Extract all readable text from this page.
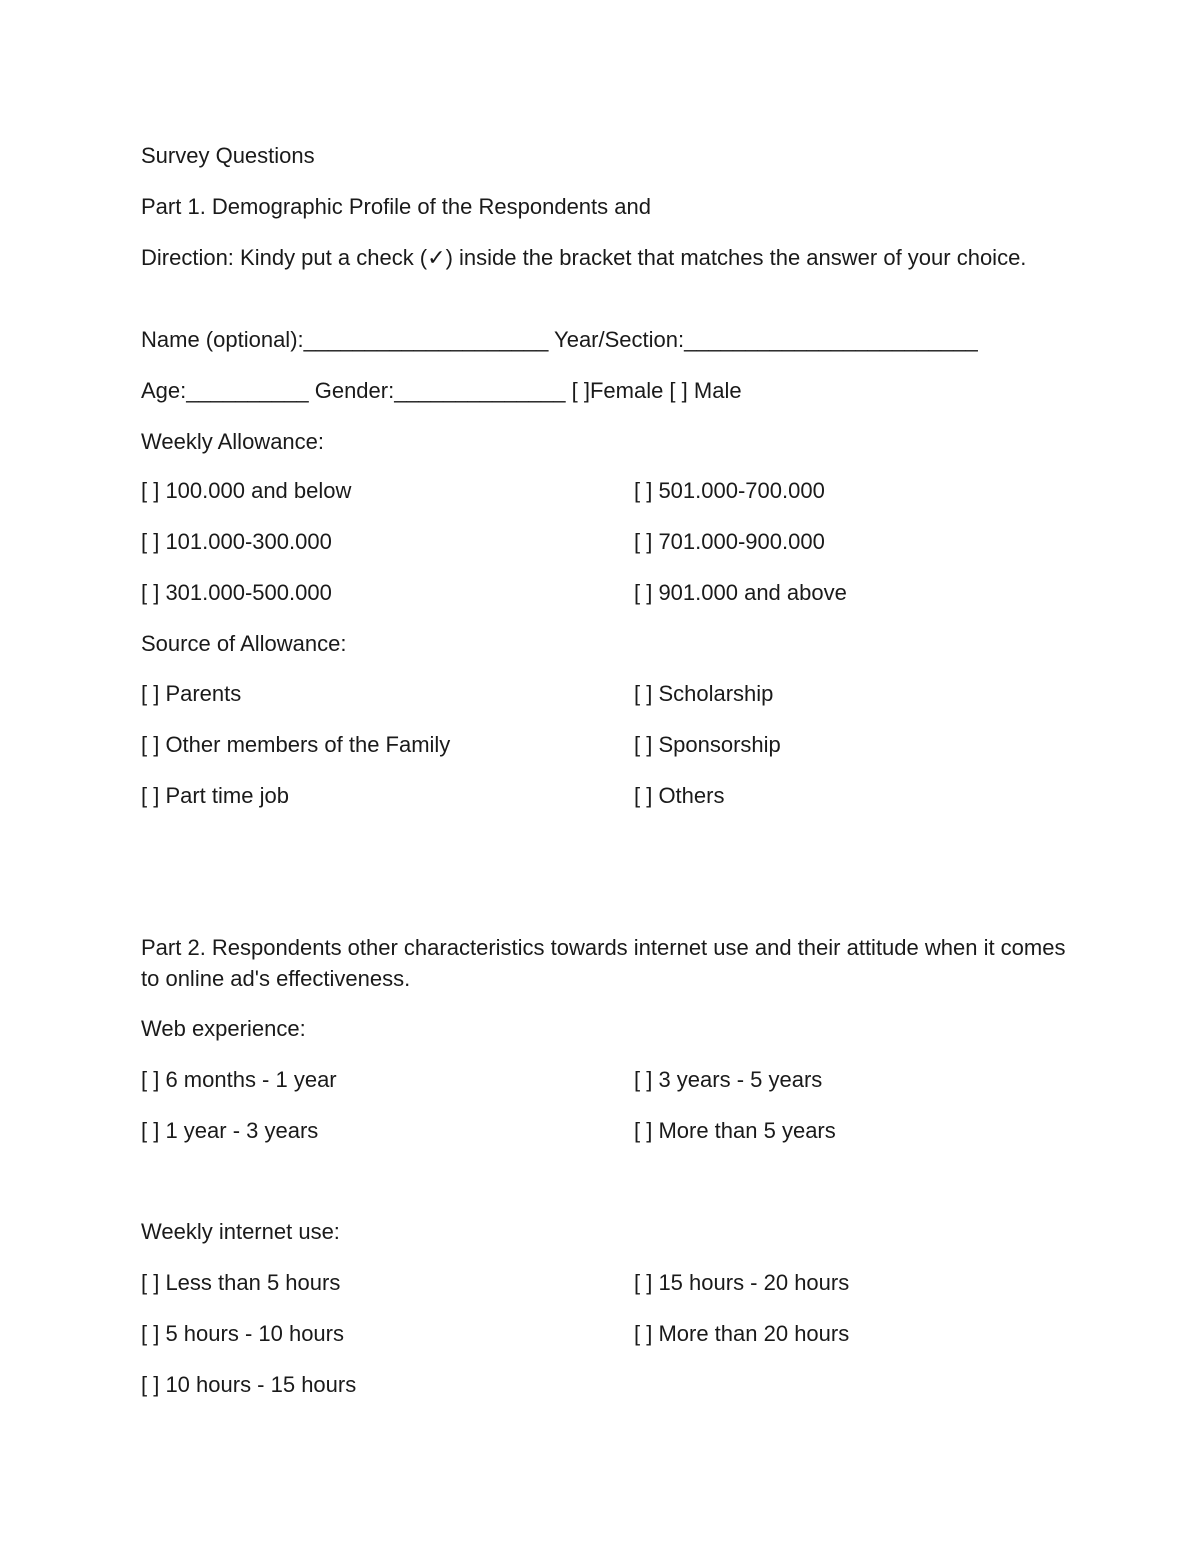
Survey Questions
Part 1. Demographic Profile of the Respondents and
Direction: Kindy put a check (✓) inside the bracket that matches the answer of your choice.
Name (optional):____________________ Year/Section:________________________
Age:__________ Gender:______________ [ ]Female [ ] Male
Weekly Allowance:
[ ] 100.000 and below	[ ] 501.000-700.000
[ ] 101.000-300.000	[ ] 701.000-900.000
[ ] 301.000-500.000	[ ] 901.000 and above
Source of Allowance:
[ ] Parents	[ ] Scholarship
[ ] Other members of the Family	[ ] Sponsorship
[ ] Part time job	[ ] Others
Part 2. Respondents other characteristics towards internet use and their attitude when it comes to online ad's effectiveness.
Web experience:
[ ] 6 months - 1 year	[ ] 3 years - 5 years
[ ] 1 year - 3 years	[ ] More than 5 years
Weekly internet use:
[ ] Less than 5 hours	[ ] 15 hours - 20 hours
[ ] 5 hours - 10 hours	[ ] More than 20 hours
[ ] 10 hours - 15 hours
